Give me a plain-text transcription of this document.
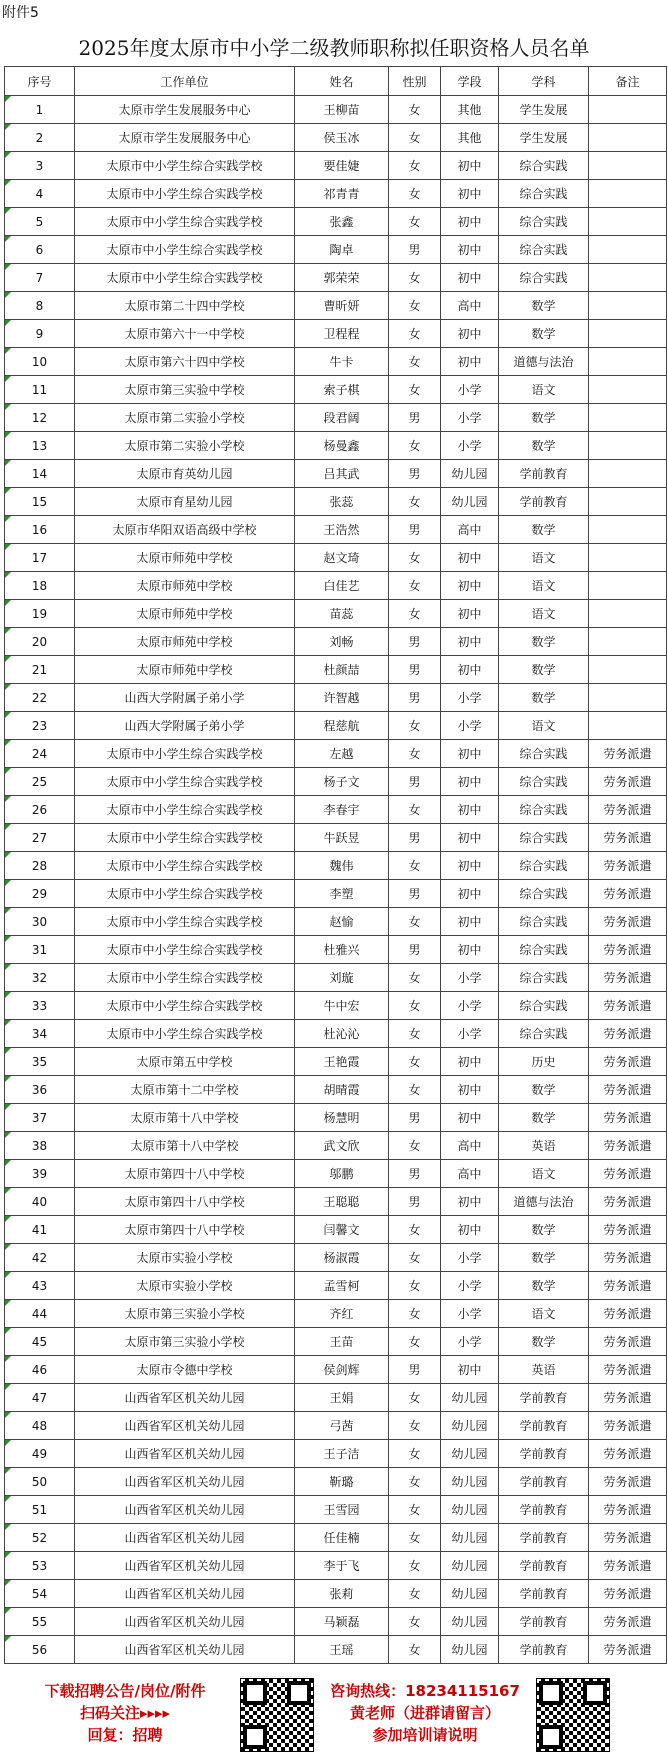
附件5
2025年度太原市中小学二级教师职称拟任职资格人员名单
序号	工作单位	姓名	性别	学段	学科	备注
1	太原市学生发展服务中心	王柳苗	女	其他	学生发展	
2	太原市学生发展服务中心	侯玉冰	女	其他	学生发展	
3	太原市中小学生综合实践学校	要佳婕	女	初中	综合实践	
4	太原市中小学生综合实践学校	祁青青	女	初中	综合实践	
5	太原市中小学生综合实践学校	张鑫	女	初中	综合实践	
6	太原市中小学生综合实践学校	陶卓	男	初中	综合实践	
7	太原市中小学生综合实践学校	郭荣荣	女	初中	综合实践	
8	太原市第二十四中学校	曹昕妍	女	高中	数学	
9	太原市第六十一中学校	卫程程	女	初中	数学	
10	太原市第六十四中学校	牛卡	女	初中	道德与法治	
11	太原市第三实验中学校	索子棋	女	小学	语文	
12	太原市第二实验小学校	段君阔	男	小学	数学	
13	太原市第二实验小学校	杨曼鑫	女	小学	数学	
14	太原市育英幼儿园	吕其武	男	幼儿园	学前教育	
15	太原市育星幼儿园	张蕊	女	幼儿园	学前教育	
16	太原市华阳双语高级中学校	王浩然	男	高中	数学	
17	太原市师苑中学校	赵文琦	女	初中	语文	
18	太原市师苑中学校	白佳艺	女	初中	语文	
19	太原市师苑中学校	苗蕊	女	初中	语文	
20	太原市师苑中学校	刘畅	男	初中	数学	
21	太原市师苑中学校	杜颜喆	男	初中	数学	
22	山西大学附属子弟小学	许智越	男	小学	数学	
23	山西大学附属子弟小学	程慈航	女	小学	语文	
24	太原市中小学生综合实践学校	左越	女	初中	综合实践	劳务派遣
25	太原市中小学生综合实践学校	杨子文	男	初中	综合实践	劳务派遣
26	太原市中小学生综合实践学校	李春宇	女	初中	综合实践	劳务派遣
27	太原市中小学生综合实践学校	牛跃昱	男	初中	综合实践	劳务派遣
28	太原市中小学生综合实践学校	魏伟	女	初中	综合实践	劳务派遣
29	太原市中小学生综合实践学校	李塑	男	初中	综合实践	劳务派遣
30	太原市中小学生综合实践学校	赵愉	女	初中	综合实践	劳务派遣
31	太原市中小学生综合实践学校	杜雅兴	男	初中	综合实践	劳务派遣
32	太原市中小学生综合实践学校	刘璇	女	小学	综合实践	劳务派遣
33	太原市中小学生综合实践学校	牛中宏	女	小学	综合实践	劳务派遣
34	太原市中小学生综合实践学校	杜沁沁	女	小学	综合实践	劳务派遣
35	太原市第五中学校	王艳霞	女	初中	历史	劳务派遣
36	太原市第十二中学校	胡晴霞	女	初中	数学	劳务派遣
37	太原市第十八中学校	杨慧明	男	初中	数学	劳务派遣
38	太原市第十八中学校	武文欣	女	高中	英语	劳务派遣
39	太原市第四十八中学校	邬鹏	男	高中	语文	劳务派遣
40	太原市第四十八中学校	王聪聪	男	初中	道德与法治	劳务派遣
41	太原市第四十八中学校	闫馨文	女	初中	数学	劳务派遣
42	太原市实验小学校	杨淑霞	女	小学	数学	劳务派遣
43	太原市实验小学校	孟雪柯	女	小学	数学	劳务派遣
44	太原市第三实验小学校	齐红	女	小学	语文	劳务派遣
45	太原市第三实验小学校	王苗	女	小学	数学	劳务派遣
46	太原市令德中学校	侯剑辉	男	初中	英语	劳务派遣
47	山西省军区机关幼儿园	王娟	女	幼儿园	学前教育	劳务派遣
48	山西省军区机关幼儿园	弓茜	女	幼儿园	学前教育	劳务派遣
49	山西省军区机关幼儿园	王子洁	女	幼儿园	学前教育	劳务派遣
50	山西省军区机关幼儿园	靳璐	女	幼儿园	学前教育	劳务派遣
51	山西省军区机关幼儿园	王雪园	女	幼儿园	学前教育	劳务派遣
52	山西省军区机关幼儿园	任佳楠	女	幼儿园	学前教育	劳务派遣
53	山西省军区机关幼儿园	李于飞	女	幼儿园	学前教育	劳务派遣
54	山西省军区机关幼儿园	张莉	女	幼儿园	学前教育	劳务派遣
55	山西省军区机关幼儿园	马颖磊	女	幼儿园	学前教育	劳务派遣
56	山西省军区机关幼儿园	王瑶	女	幼儿园	学前教育	劳务派遣
下载招聘公告/岗位/附件
扫码关注▸▸▸▸
回复：招聘
咨询热线：18234115167
黄老师（进群请留言）
参加培训请说明
